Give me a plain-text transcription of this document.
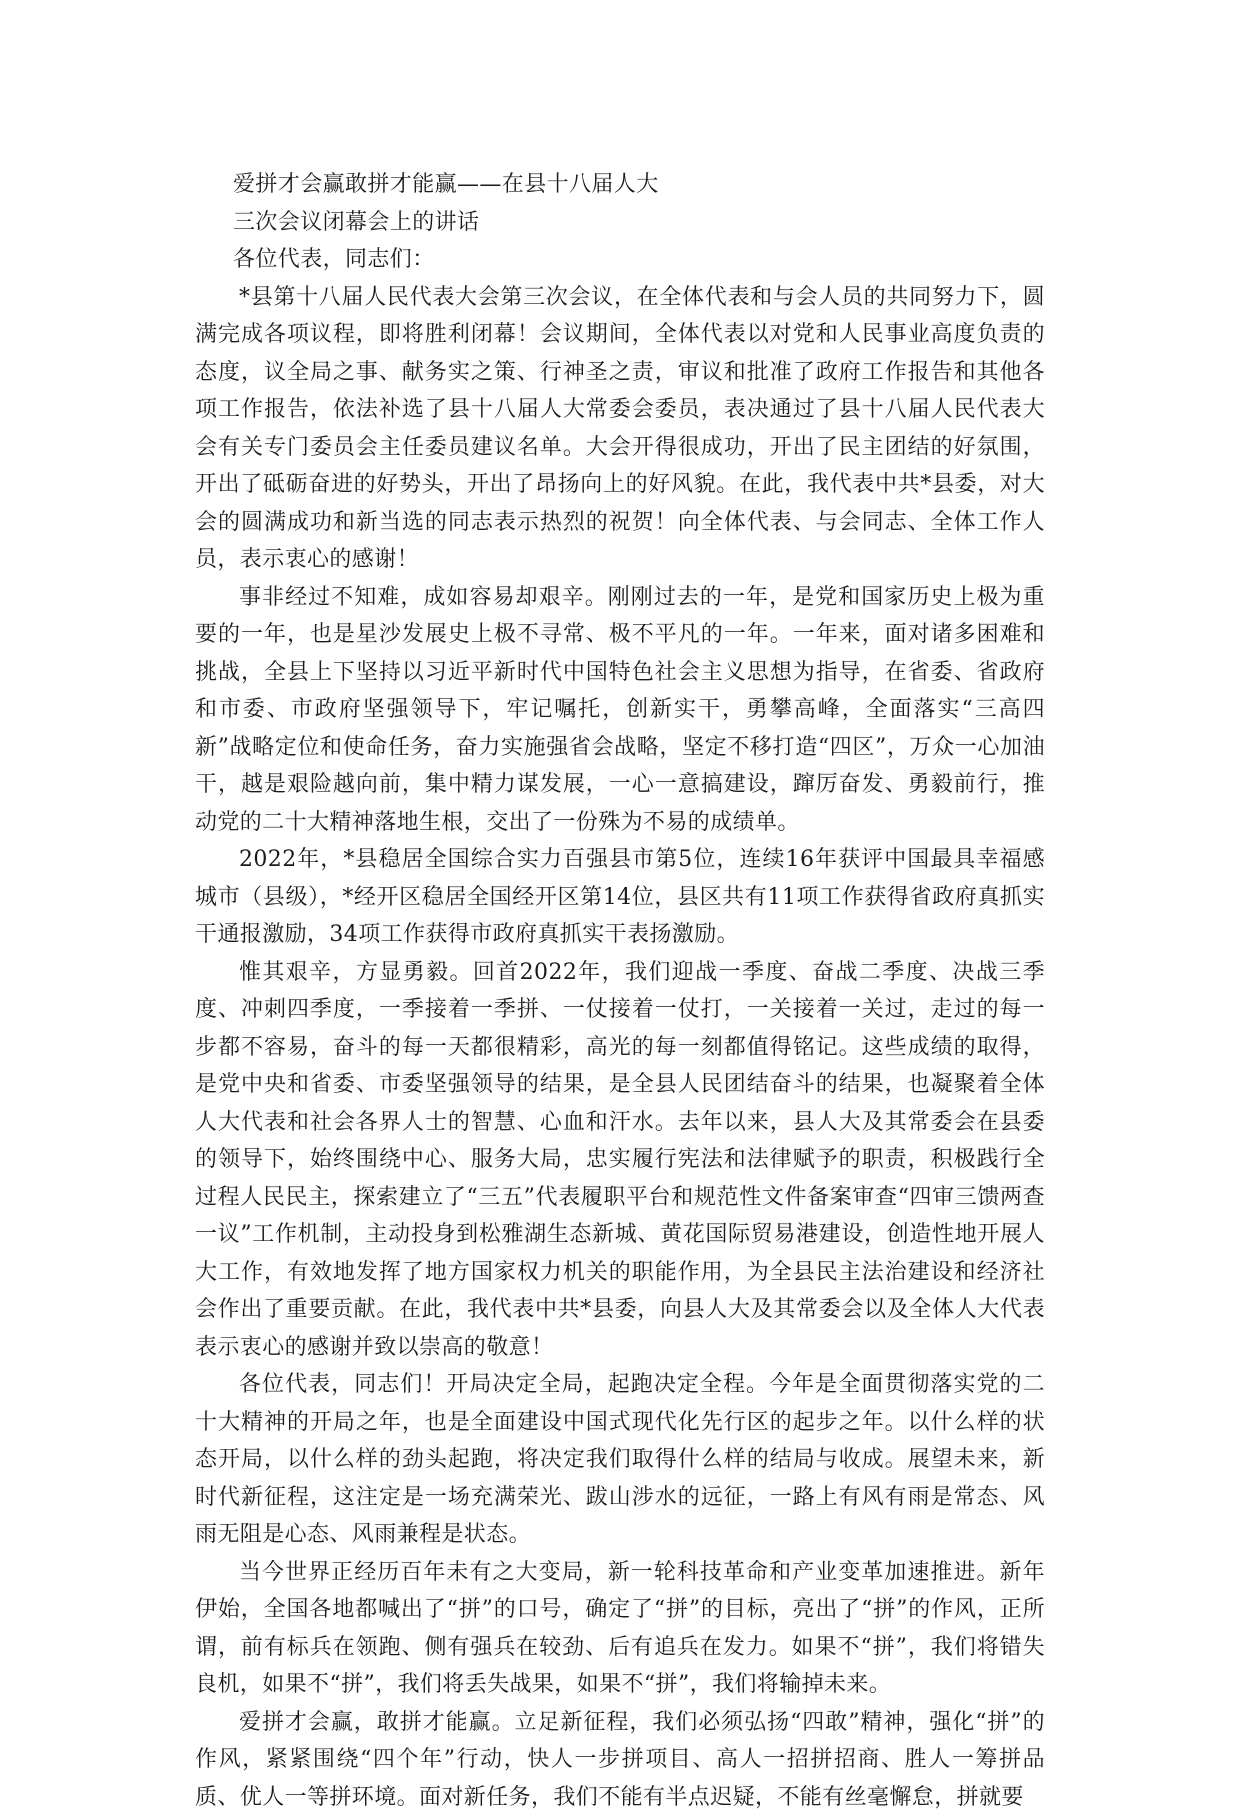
爱拼才会赢敢拼才能赢——在县十八届人大

三次会议闭幕会上的讲话

各位代表，同志们：

*县第十八届人民代表大会第三次会议，在全体代表和与会人员的共同努力下，圆满完成各项议程，即将胜利闭幕！会议期间，全体代表以对党和人民事业高度负责的态度，议全局之事、献务实之策、行神圣之责，审议和批准了政府工作报告和其他各项工作报告，依法补选了县十八届人大常委会委员，表决通过了县十八届人民代表大会有关专门委员会主任委员建议名单。大会开得很成功，开出了民主团结的好氛围，开出了砥砺奋进的好势头，开出了昂扬向上的好风貌。在此，我代表中共*县委，对大会的圆满成功和新当选的同志表示热烈的祝贺！向全体代表、与会同志、全体工作人员，表示衷心的感谢！

事非经过不知难，成如容易却艰辛。刚刚过去的一年，是党和国家历史上极为重要的一年，也是星沙发展史上极不寻常、极不平凡的一年。一年来，面对诸多困难和挑战，全县上下坚持以习近平新时代中国特色社会主义思想为指导，在省委、省政府和市委、市政府坚强领导下，牢记嘱托，创新实干，勇攀高峰，全面落实“三高四新”战略定位和使命任务，奋力实施强省会战略，坚定不移打造“四区”，万众一心加油干，越是艰险越向前，集中精力谋发展，一心一意搞建设，蹿厉奋发、勇毅前行，推动党的二十大精神落地生根，交出了一份殊为不易的成绩单。

2022年，*县稳居全国综合实力百强县市第5位，连续16年获评中国最具幸福感城市（县级），*经开区稳居全国经开区第14位，县区共有11项工作获得省政府真抓实干通报激励，34项工作获得市政府真抓实干表扬激励。

惟其艰辛，方显勇毅。回首2022年，我们迎战一季度、奋战二季度、决战三季度、冲刺四季度，一季接着一季拼、一仗接着一仗打，一关接着一关过，走过的每一步都不容易，奋斗的每一天都很精彩，高光的每一刻都值得铭记。这些成绩的取得，是党中央和省委、市委坚强领导的结果，是全县人民团结奋斗的结果，也凝聚着全体人大代表和社会各界人士的智慧、心血和汗水。去年以来，县人大及其常委会在县委的领导下，始终围绕中心、服务大局，忠实履行宪法和法律赋予的职责，积极践行全过程人民民主，探索建立了“三五”代表履职平台和规范性文件备案审查“四审三馈两查一议”工作机制，主动投身到松雅湖生态新城、黄花国际贸易港建设，创造性地开展人大工作，有效地发挥了地方国家权力机关的职能作用，为全县民主法治建设和经济社会作出了重要贡献。在此，我代表中共*县委，向县人大及其常委会以及全体人大代表表示衷心的感谢并致以崇高的敬意！

各位代表，同志们！开局决定全局，起跑决定全程。今年是全面贯彻落实党的二十大精神的开局之年，也是全面建设中国式现代化先行区的起步之年。以什么样的状态开局，以什么样的劲头起跑，将决定我们取得什么样的结局与收成。展望未来，新时代新征程，这注定是一场充满荣光、跋山涉水的远征，一路上有风有雨是常态、风雨无阻是心态、风雨兼程是状态。

当今世界正经历百年未有之大变局，新一轮科技革命和产业变革加速推进。新年伊始，全国各地都喊出了“拼”的口号，确定了“拼”的目标，亮出了“拼”的作风，正所谓，前有标兵在领跑、侧有强兵在较劲、后有追兵在发力。如果不“拼”，我们将错失良机，如果不“拼”，我们将丢失战果，如果不“拼”，我们将输掉未来。

爱拼才会赢，敢拼才能赢。立足新征程，我们必须弘扬“四敢”精神，强化“拼”的作风，紧紧围绕“四个年”行动，快人一步拼项目、高人一招拼招商、胜人一筹拼品质、优人一等拼环境。面对新任务，我们不能有半点迟疑，不能有丝毫懈怠，拼就要
